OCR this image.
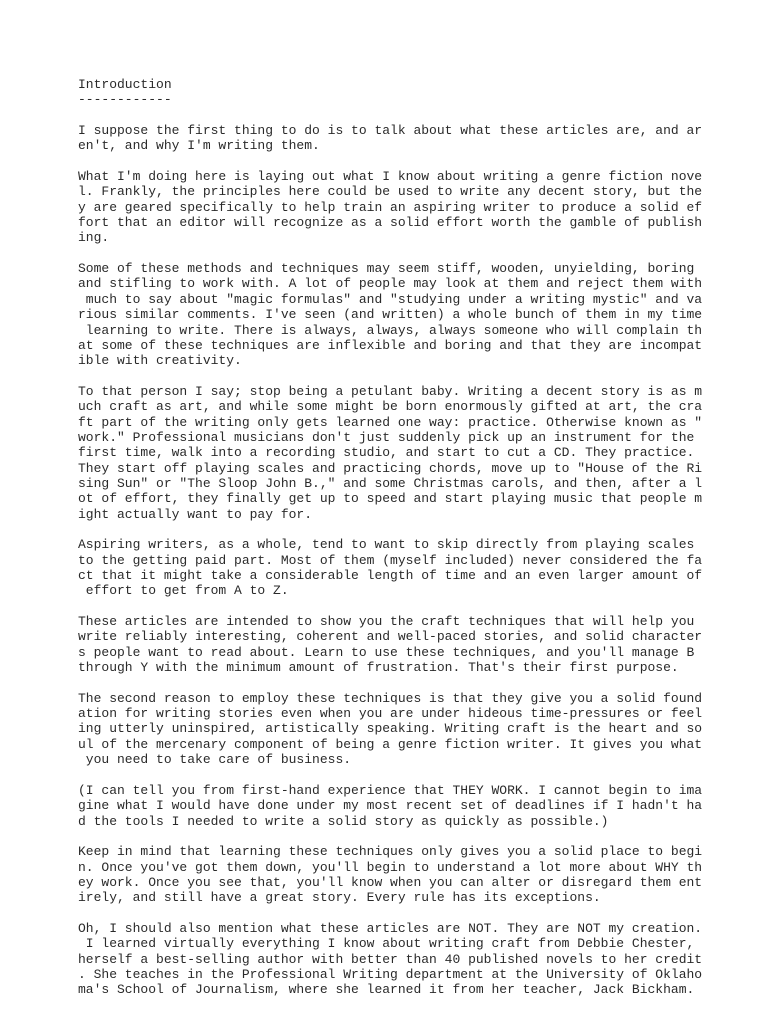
Introduction
------------
I suppose the first thing to do is to talk about what these articles are, and ar
en't, and why I'm writing them.
What I'm doing here is laying out what I know about writing a genre fiction nove
l. Frankly, the principles here could be used to write any decent story, but the
y are geared specifically to help train an aspiring writer to produce a solid ef
fort that an editor will recognize as a solid effort worth the gamble of publish
ing.
Some of these methods and techniques may seem stiff, wooden, unyielding, boring
and stifling to work with. A lot of people may look at them and reject them with
much to say about "magic formulas" and "studying under a writing mystic" and va
rious similar comments. I've seen (and written) a whole bunch of them in my time
learning to write. There is always, always, always someone who will complain th
at some of these techniques are inflexible and boring and that they are incompat
ible with creativity.
To that person I say; stop being a petulant baby. Writing a decent story is as m
uch craft as art, and while some might be born enormously gifted at art, the cra
ft part of the writing only gets learned one way: practice. Otherwise known as "
work." Professional musicians don't just suddenly pick up an instrument for the
first time, walk into a recording studio, and start to cut a CD. They practice.
They start off playing scales and practicing chords, move up to "House of the Ri
sing Sun" or "The Sloop John B.," and some Christmas carols, and then, after a l
ot of effort, they finally get up to speed and start playing music that people m
ight actually want to pay for.
Aspiring writers, as a whole, tend to want to skip directly from playing scales
to the getting paid part. Most of them (myself included) never considered the fa
ct that it might take a considerable length of time and an even larger amount of
effort to get from A to Z.
These articles are intended to show you the craft techniques that will help you
write reliably interesting, coherent and well-paced stories, and solid character
s people want to read about. Learn to use these techniques, and you'll manage B
through Y with the minimum amount of frustration. That's their first purpose.
The second reason to employ these techniques is that they give you a solid found
ation for writing stories even when you are under hideous time-pressures or feel
ing utterly uninspired, artistically speaking. Writing craft is the heart and so
ul of the mercenary component of being a genre fiction writer. It gives you what
you need to take care of business.
(I can tell you from first-hand experience that THEY WORK. I cannot begin to ima
gine what I would have done under my most recent set of deadlines if I hadn't ha
d the tools I needed to write a solid story as quickly as possible.)
Keep in mind that learning these techniques only gives you a solid place to begi
n. Once you've got them down, you'll begin to understand a lot more about WHY th
ey work. Once you see that, you'll know when you can alter or disregard them ent
irely, and still have a great story. Every rule has its exceptions.
Oh, I should also mention what these articles are NOT. They are NOT my creation.
I learned virtually everything I know about writing craft from Debbie Chester,
herself a best-selling author with better than 40 published novels to her credit
. She teaches in the Professional Writing department at the University of Oklaho
ma's School of Journalism, where she learned it from her teacher, Jack Bickham.
